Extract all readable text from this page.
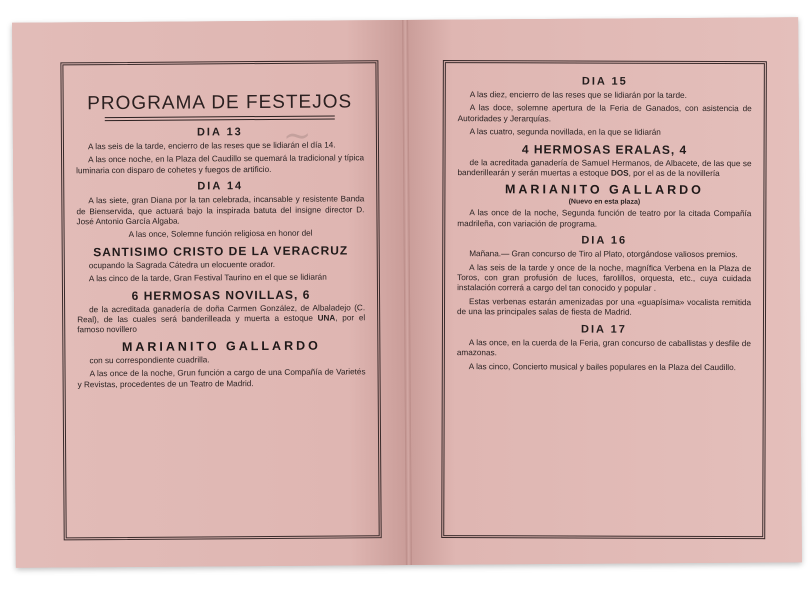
~
PROGRAMA DE FESTEJOS
DIA 13

A las seis de la tarde, encierro de las reses que se lidiarán el día 14.

A las once noche, en la Plaza del Caudillo se quemará la tradicional y típica luminaria con disparo de cohetes y fuegos de artificio.

DIA 14

A las siete, gran Diana por la tan celebrada, incansable y resistente Banda de Bienservida, que actuará bajo la inspirada batuta del insigne director D. José Antonio García Algaba.

A las once, Solemne función religiosa en honor del

SANTISIMO CRISTO DE LA VERACRUZ

ocupando la Sagrada Cátedra un elocuente orador.

A las cinco de la tarde, Gran Festival Taurino en el que se lidiarán

6 HERMOSAS NOVILLAS, 6

de la acreditada ganadería de doña Carmen González, de Albaladejo (C. Real), de las cuales será banderilleada y muerta a estoque UNA, por el famoso novillero

MARIANITO GALLARDO

con su correspondiente cuadrilla.

A las once de la noche, Grun función a cargo de una Compañía de Varietés y Revistas, procedentes de un Teatro de Madrid.

DIA 15

A las diez, encierro de las reses que se lidiarán por la tarde.

A las doce, solemne apertura de la Feria de Ganados, con asistencia de Autoridades y Jerarquías.

A las cuatro, segunda novillada, en la que se lidiarán

4 HERMOSAS ERALAS, 4

de la acreditada ganadería de Samuel Hermanos, de Albacete, de las que se banderillearán y serán muertas a estoque DOS, por el as de la novillería

MARIANITO GALLARDO
(Nuevo en esta plaza)

A las once de la noche, Segunda función de teatro por la citada Compañía madrileña, con variación de programa.

DIA 16

Mañana.— Gran concurso de Tiro al Plato, otorgándose valiosos premios.

A las seis de la tarde y once de la noche, magnífica Verbena en la Plaza de Toros, con gran profusión de luces, farolillos, orquesta, etc., cuya cuidada instalación correrá a cargo del tan conocido y popular .

Estas verbenas estarán amenizadas por una «guapísima» vocalista remitida de una las principales salas de fiesta de Madrid.

DIA 17

A las once, en la cuerda de la Feria, gran concurso de caballistas y desfile de amazonas.

A las cinco, Concierto musical y bailes populares en la Plaza del Caudillo.
